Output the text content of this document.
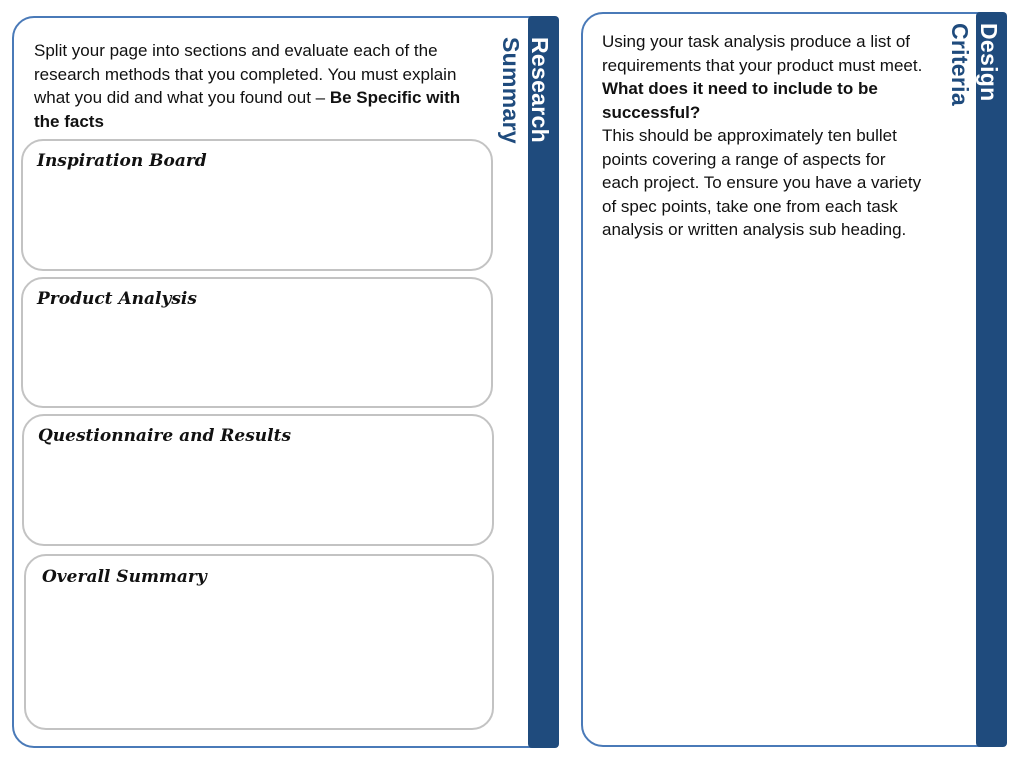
Research
Summary
Split your page into sections and evaluate each of the research methods that you completed. You must explain what you did and what you found out – Be Specific with the facts
Inspiration Board
Product Analysis
Questionnaire and Results
Overall Summary
Design
Criteria
Using your task analysis produce a list of requirements that your product must meet. What does it need to include to be successful?
This should be approximately ten bullet points covering a range of aspects for each project. To ensure you have a variety of spec points, take one from each task analysis or written analysis sub heading.
